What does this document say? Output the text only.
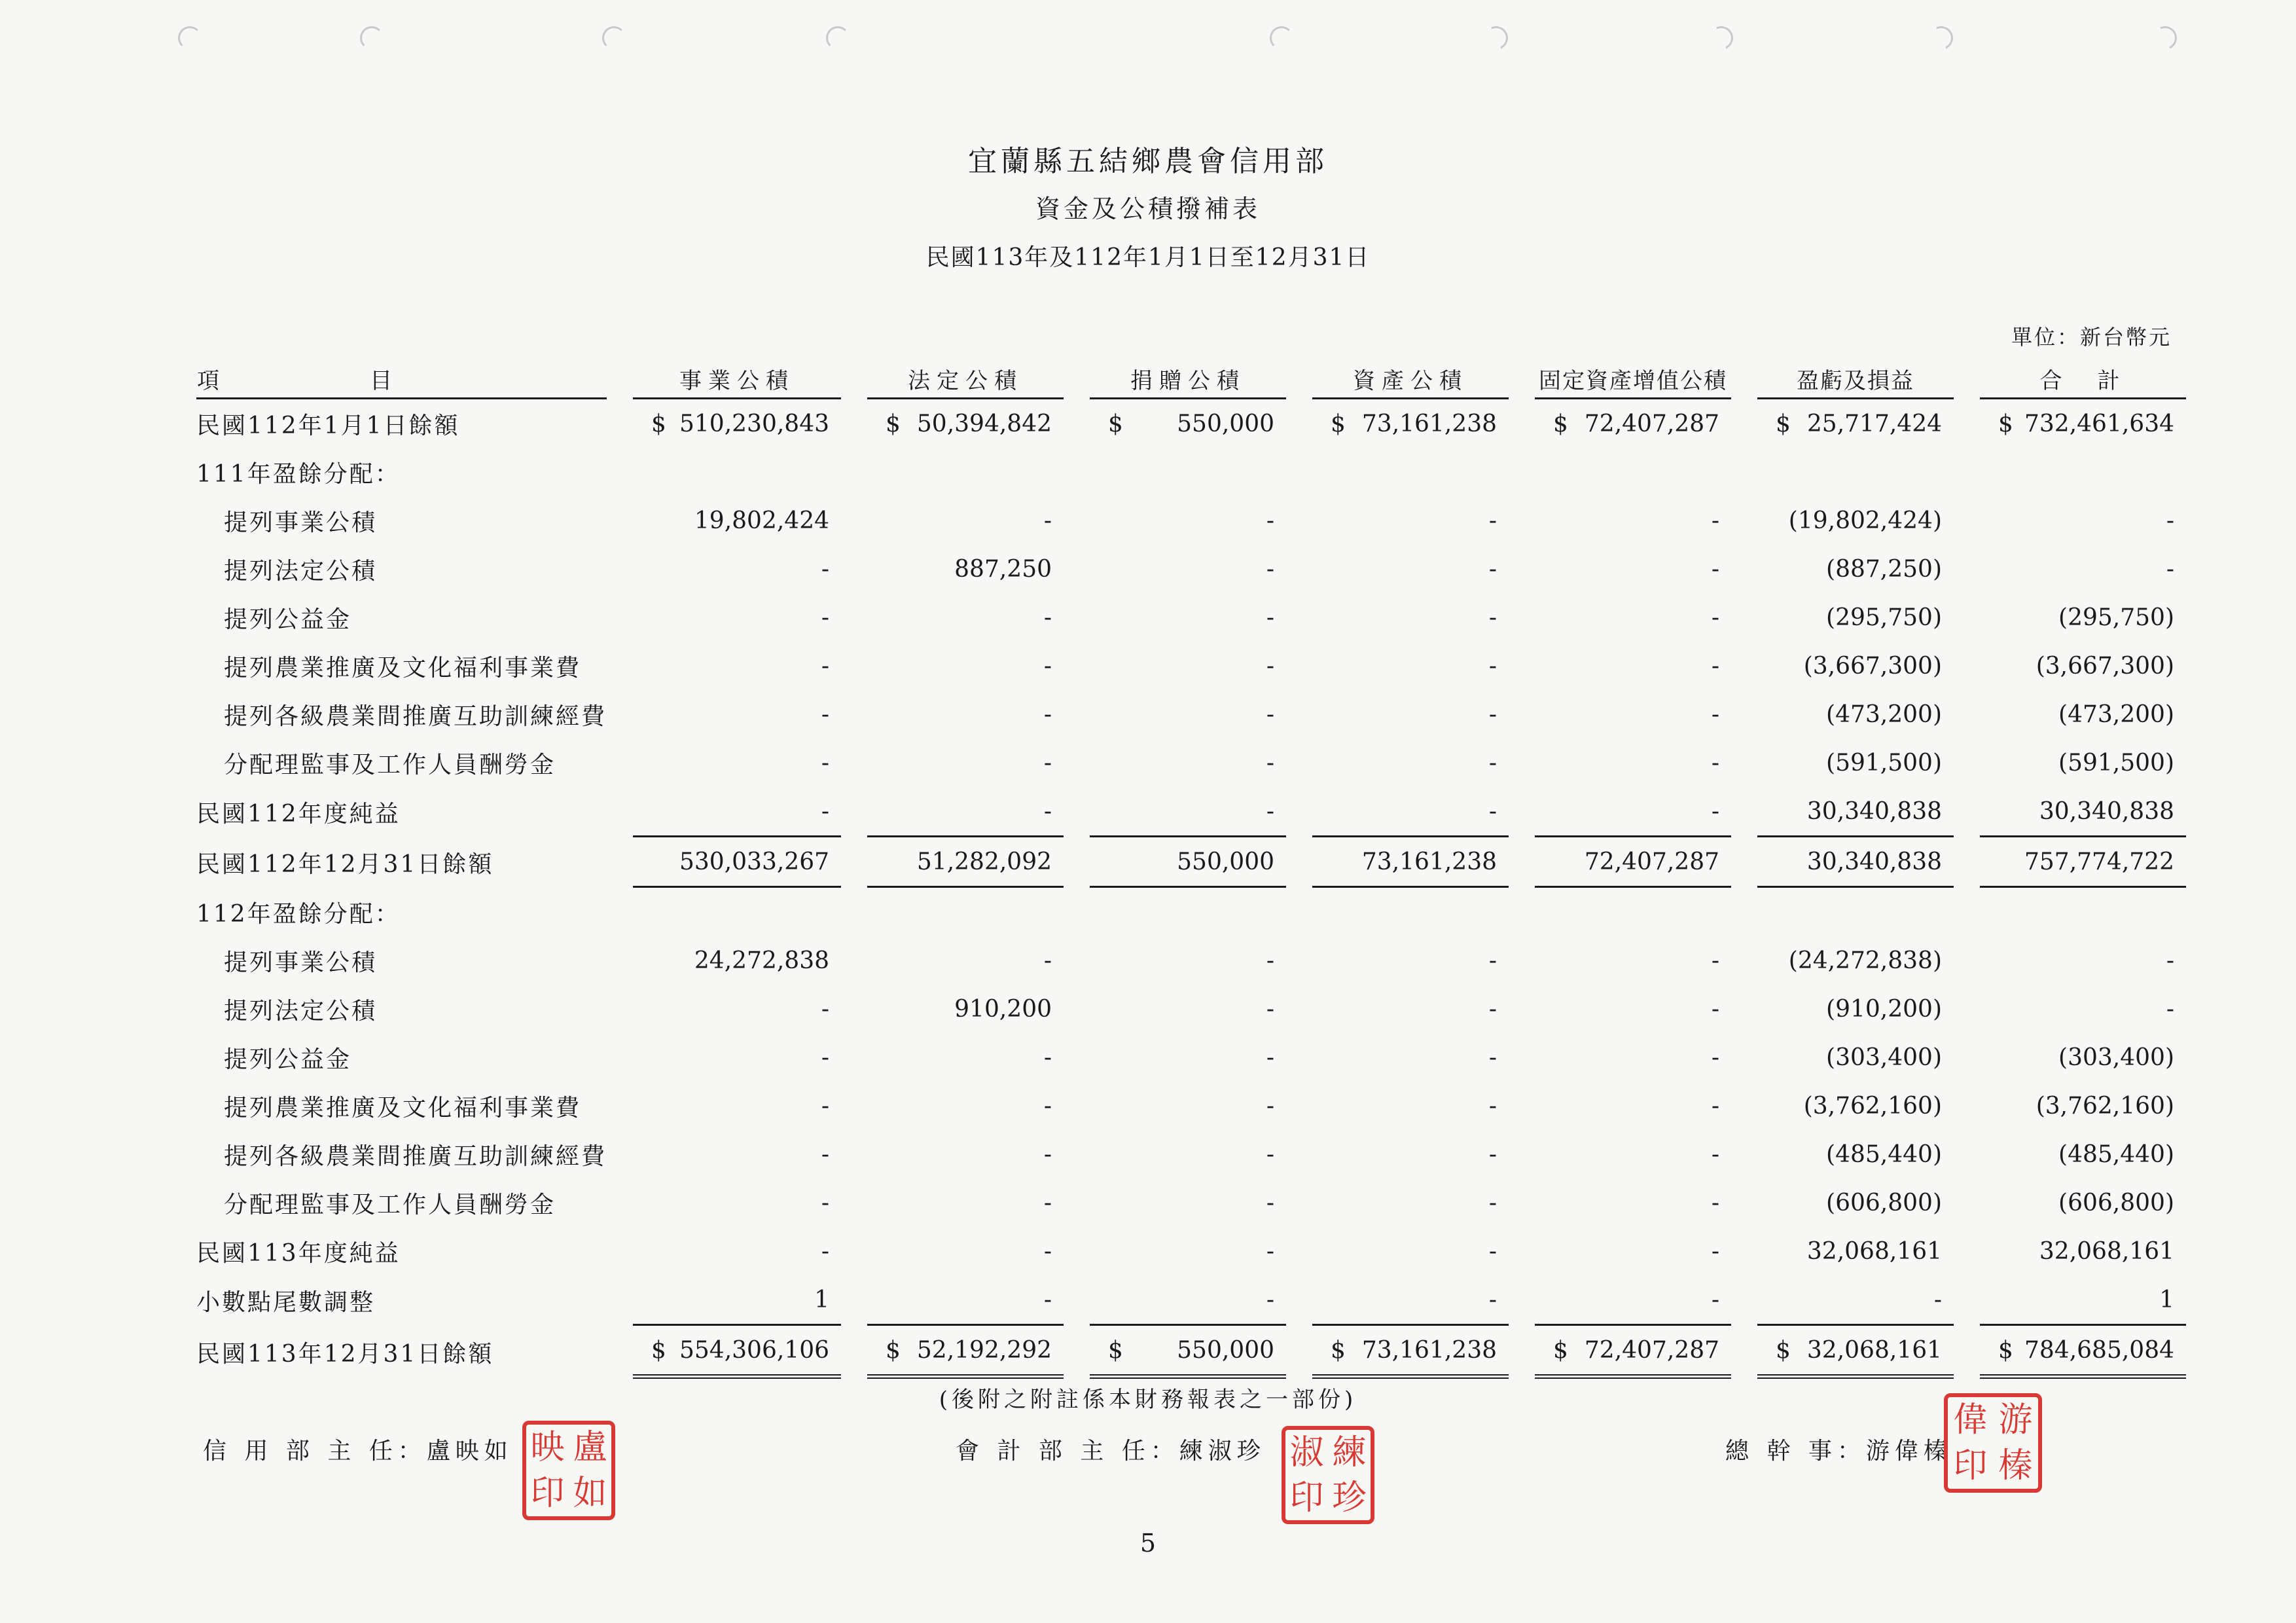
宜蘭縣五結鄉農會信用部
資金及公積撥補表
民國113年及112年1月1日至12月31日
單位：新台幣元
項　　　　　目		事業公積		法定公積		捐贈公積		資產公積		固定資產增值公積		盈虧及損益		合　計
民國112年1月1日餘額		$ 510,230,843		$ 50,394,842		$ 550,000		$ 73,161,238		$ 72,407,287		$ 25,717,424		$ 732,461,634
111年盈餘分配：														
提列事業公積		19,802,424		-		-		-		-		(19,802,424)		-
提列法定公積		-		887,250		-		-		-		(887,250)		-
提列公益金		-		-		-		-		-		(295,750)		(295,750)
提列農業推廣及文化福利事業費		-		-		-		-		-		(3,667,300)		(3,667,300)
提列各級農業間推廣互助訓練經費		-		-		-		-		-		(473,200)		(473,200)
分配理監事及工作人員酬勞金		-		-		-		-		-		(591,500)		(591,500)
民國112年度純益		-		-		-		-		-		30,340,838		30,340,838
民國112年12月31日餘額		530,033,267		51,282,092		550,000		73,161,238		72,407,287		30,340,838		757,774,722
112年盈餘分配：														
提列事業公積		24,272,838		-		-		-		-		(24,272,838)		-
提列法定公積		-		910,200		-		-		-		(910,200)		-
提列公益金		-		-		-		-		-		(303,400)		(303,400)
提列農業推廣及文化福利事業費		-		-		-		-		-		(3,762,160)		(3,762,160)
提列各級農業間推廣互助訓練經費		-		-		-		-		-		(485,440)		(485,440)
分配理監事及工作人員酬勞金		-		-		-		-		-		(606,800)		(606,800)
民國113年度純益		-		-		-		-		-		32,068,161		32,068,161
小數點尾數調整		1		-		-		-		-		-		1
民國113年12月31日餘額		$ 554,306,106		$ 52,192,292		$ 550,000		$ 73,161,238		$ 72,407,287		$ 32,068,161		$ 784,685,084
(後附之附註係本財務報表之一部份)
信 用 部 主 任：盧映如 映 盧
印 如
會 計 部 主 任：練淑珍 淑 練
印 珍
總 幹 事：游偉榛
偉 游
印 榛
5
